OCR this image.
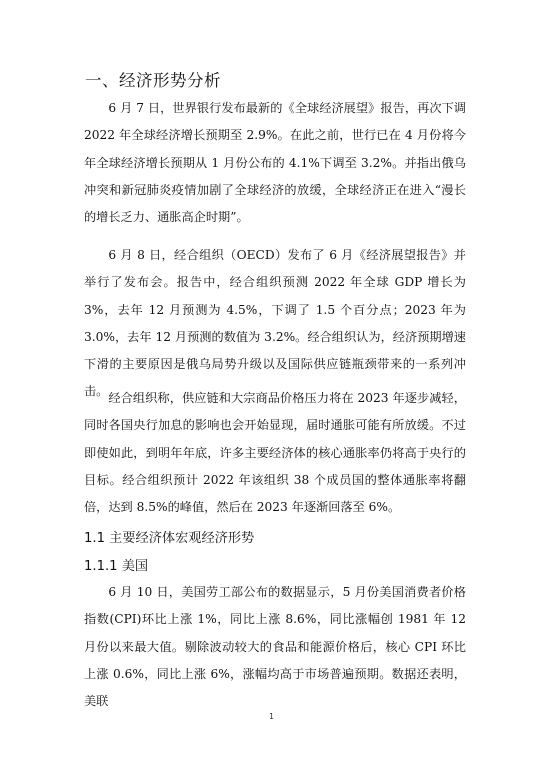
一、经济形势分析

6 月 7 日，世界银行发布最新的《全球经济展望》报告，再次下调 2022 年全球经济增长预期至 2.9%。在此之前，世行已在 4 月份将今年全球经济增长预期从 1 月份公布的 4.1%下调至 3.2%。并指出俄乌冲突和新冠肺炎疫情加剧了全球经济的放缓，全球经济正在进入“漫长的增长乏力、通胀高企时期”。

6 月 8 日，经合组织（OECD）发布了 6 月《经济展望报告》并举行了发布会。报告中，经合组织预测 2022 年全球 GDP 增长为 3%，去年 12 月预测为 4.5%，下调了 1.5 个百分点；2023 年为 3.0%，去年 12 月预测的数值为 3.2%。经合组织认为，经济预期增速下滑的主要原因是俄乌局势升级以及国际供应链瓶颈带来的一系列冲击。 经合组织称，供应链和大宗商品价格压力将在 2023 年逐步减轻，同时各国央行加息的影响也会开始显现，届时通胀可能有所放缓。不过即使如此，到明年年底，许多主要经济体的核心通胀率仍将高于央行的目标。经合组织预计 2022 年该组织 38 个成员国的整体通胀率将翻倍，达到 8.5%的峰值，然后在 2023 年逐渐回落至 6%。

1.1 主要经济体宏观经济形势
1.1.1 美国

6 月 10 日，美国劳工部公布的数据显示，5 月份美国消费者价格指数(CPI)环比上涨 1%，同比上涨 8.6%，同比涨幅创 1981 年 12 月份以来最大值。剔除波动较大的食品和能源价格后，核心 CPI 环比上涨 0.6%，同比上涨 6%，涨幅均高于市场普遍预期。数据还表明，美联

1
